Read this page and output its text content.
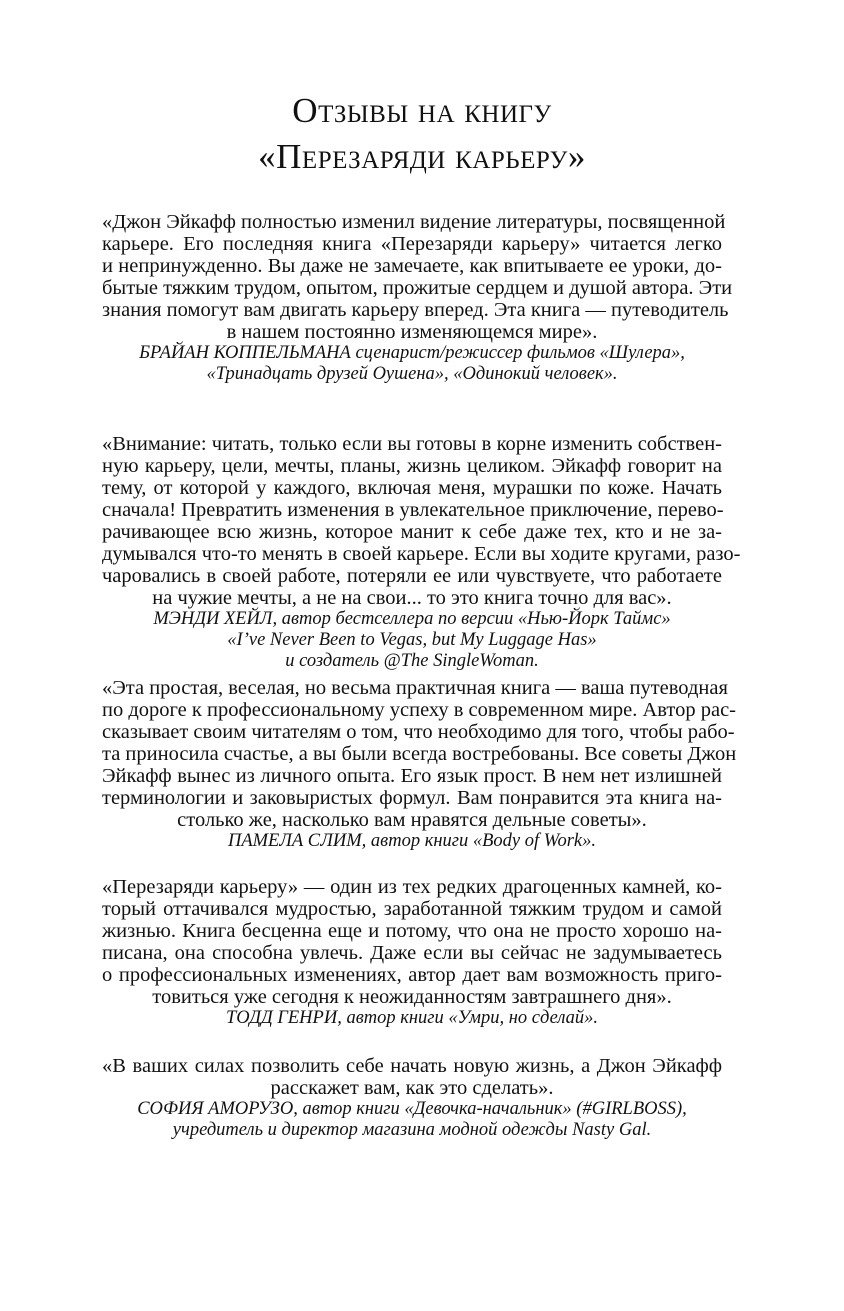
Отзывы на книгу
«Перезаряди карьеру»
«Джон Эйкафф полностью изменил видение литературы, посвященной
карьере. Его последняя книга «Перезаряди карьеру» читается легко
и непринужденно. Вы даже не замечаете, как впитываете ее уроки, до-
бытые тяжким трудом, опытом, прожитые сердцем и душой автора. Эти
знания помогут вам двигать карьеру вперед. Эта книга — путеводитель
в нашем постоянно изменяющемся мире».
БРАЙАН КОППЕЛЬМАНА сценарист/режиссер фильмов «Шулера»,
«Тринадцать друзей Оушена», «Одинокий человек».
«Внимание: читать, только если вы готовы в корне изменить собствен-
ную карьеру, цели, мечты, планы, жизнь целиком. Эйкафф говорит на
тему, от которой у каждого, включая меня, мурашки по коже. Начать
сначала! Превратить изменения в увлекательное приключение, перево-
рачивающее всю жизнь, которое манит к себе даже тех, кто и не за-
думывался что-то менять в своей карьере. Если вы ходите кругами, разо-
чаровались в своей работе, потеряли ее или чувствуете, что работаете
на чужие мечты, а не на свои... то это книга точно для вас».
МЭНДИ ХЕЙЛ, автор бестселлера по версии «Нью-Йорк Таймс»
«I’ve Never Been to Vegas, but My Luggage Has»
и создатель @The SingleWoman.
«Эта простая, веселая, но весьма практичная книга — ваша путеводная
по дороге к профессиональному успеху в современном мире. Автор рас-
сказывает своим читателям о том, что необходимо для того, чтобы рабо-
та приносила счастье, а вы были всегда востребованы. Все советы Джон
Эйкафф вынес из личного опыта. Его язык прост. В нем нет излишней
терминологии и заковыристых формул. Вам понравится эта книга на-
столько же, насколько вам нравятся дельные советы».
ПАМЕЛА СЛИМ, автор книги «Body of Work».
«Перезаряди карьеру» — один из тех редких драгоценных камней, ко-
торый оттачивался мудростью, заработанной тяжким трудом и самой
жизнью. Книга бесценна еще и потому, что она не просто хорошо на-
писана, она способна увлечь. Даже если вы сейчас не задумываетесь
о профессиональных изменениях, автор дает вам возможность приго-
товиться уже сегодня к неожиданностям завтрашнего дня».
ТОДД ГЕНРИ, автор книги «Умри, но сделай».
«В ваших силах позволить себе начать новую жизнь, а Джон Эйкафф
расскажет вам, как это сделать».
СОФИЯ АМОРУЗО, автор книги «Девочка-начальник» (#GIRLBOSS),
учредитель и директор магазина модной одежды Nasty Gal.
